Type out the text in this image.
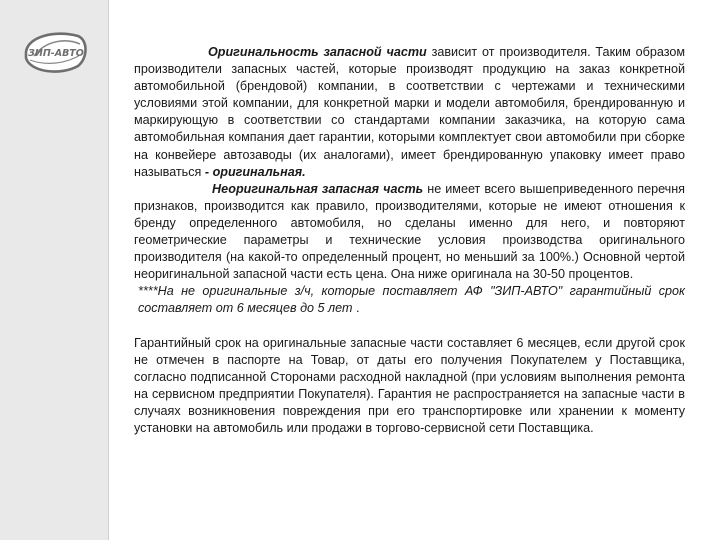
ЗИП-АВТО	Оригинальность запасной части зависит от производителя. Таким образом производители запасных частей, которые производят продукцию на заказ конкретной автомобильной (брендовой) компании, в соответствии с чертежами и техническими условиями этой компании, для конкретной марки и модели автомобиля, брендированную и маркирующую в соответствии со стандартами компании заказчика, на которую сама автомобильная компания дает гарантии, которыми комплектует свои автомобили при сборке на конвейере автозаводы (их аналогами), имеет брендированную упаковку имеет право называться - оригинальная.

Неоригинальная запасная часть не имеет всего вышеприведенного перечня признаков, производится как правило, производителями, которые не имеют отношения к бренду определенного автомобиля, но сделаны именно для него, и повторяют геометрические параметры и технические условия производства оригинального производителя (на какой-то определенный процент, но меньший за 100%.) Основной чертой неоригинальной запасной части есть цена. Она ниже оригинала на 30-50 процентов.

****На не оригинальные з/ч, которые поставляет АФ "ЗИП-АВТО" гарантийный срок составляет от 6 месяцев до 5 лет .

Гарантийный срок на оригинальные запасные части составляет 6 месяцев, если другой срок не отмечен в паспорте на Товар, от даты его получения Покупателем у Поставщика, согласно подписанной Сторонами расходной накладной (при условиям выполнения ремонта на сервисном предприятии Покупателя). Гарантия не распространяется на запасные части в случаях возникновения повреждения при его транспортировке или хранении к моменту установки на автомобиль или продажи в торгово-сервисной сети Поставщика.
